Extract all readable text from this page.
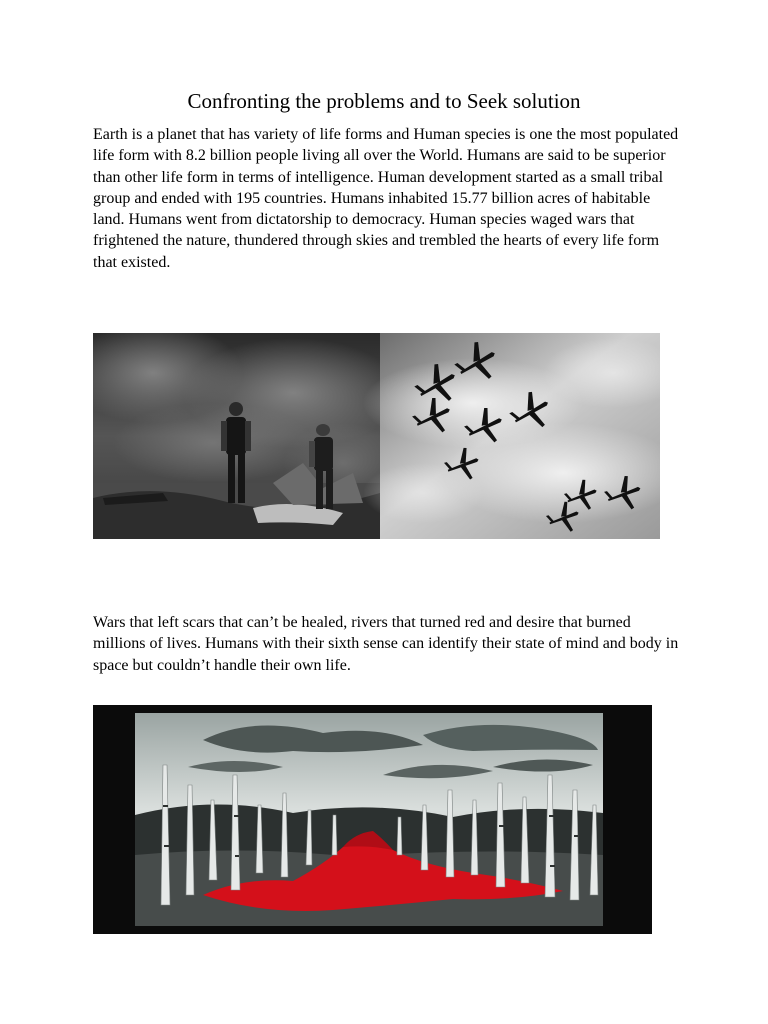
Confronting the problems and to Seek solution

Earth is a planet that has variety of life forms and Human species is one the most populated life form with 8.2 billion people living all over the World. Humans are said to be superior than other life form in terms of intelligence. Human development started as a small tribal group and ended with 195 countries. Humans inhabited 15.77 billion acres of habitable land. Humans went from dictatorship to democracy. Human species waged wars that frightened the nature, thundered through skies and trembled the hearts of every life form that existed.

Wars that left scars that can’t be healed, rivers that turned red and desire that burned millions of lives. Humans with their sixth sense can identify their state of mind and body in space but couldn’t handle their own life.
